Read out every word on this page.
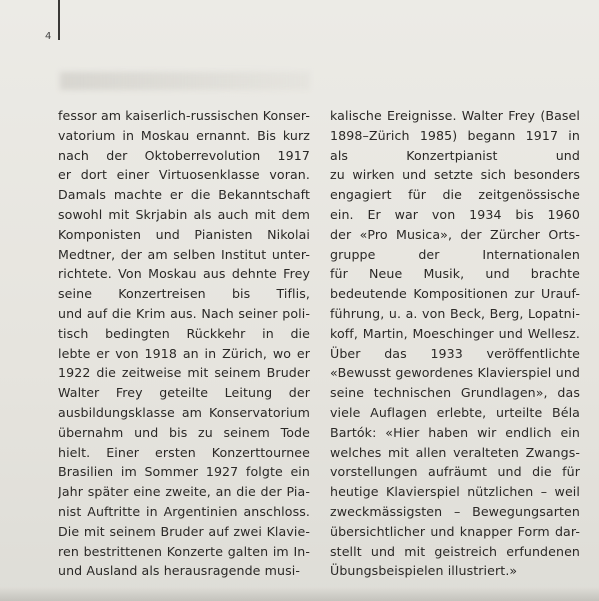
4
fessor am kaiserlich-russischen Konser-
vatorium in Moskau ernannt. Bis kurz
nach der Oktoberrevolution 1917
er dort einer Virtuosenklasse voran.
Damals machte er die Bekanntschaft
sowohl mit Skrjabin als auch mit dem
Komponisten und Pianisten Nikolai
Medtner, der am selben Institut unter-
richtete. Von Moskau aus dehnte Frey
seine Konzertreisen bis Tiflis,
und auf die Krim aus. Nach seiner poli-
tisch bedingten Rückkehr in die
lebte er von 1918 an in Zürich, wo er
1922 die zeitweise mit seinem Bruder
Walter Frey geteilte Leitung der
ausbildungsklasse am Konservatorium
übernahm und bis zu seinem Tode
hielt. Einer ersten Konzerttournee
Brasilien im Sommer 1927 folgte ein
Jahr später eine zweite, an die der Pia-
nist Auftritte in Argentinien anschloss.
Die mit seinem Bruder auf zwei Klavie-
ren bestrittenen Konzerte galten im In-
und Ausland als herausragende musi-
kalische Ereignisse. Walter Frey (Basel
1898–Zürich 1985) begann 1917 in
als Konzertpianist und
zu wirken und setzte sich besonders
engagiert für die zeitgenössische
ein. Er war von 1934 bis 1960
der «Pro Musica», der Zürcher Orts-
gruppe der Internationalen
für Neue Musik, und brachte
bedeutende Kompositionen zur Urauf-
führung, u. a. von Beck, Berg, Lopatni-
koff, Martin, Moeschinger und Wellesz.
Über das 1933 veröffentlichte
«Bewusst gewordenes Klavierspiel und
seine technischen Grundlagen», das
viele Auflagen erlebte, urteilte Béla
Bartók: «Hier haben wir endlich ein
welches mit allen veralteten Zwangs-
vorstellungen aufräumt und die für
heutige Klavierspiel nützlichen – weil
zweckmässigsten – Bewegungsarten
übersichtlicher und knapper Form dar-
stellt und mit geistreich erfundenen
Übungsbeispielen illustriert.»
